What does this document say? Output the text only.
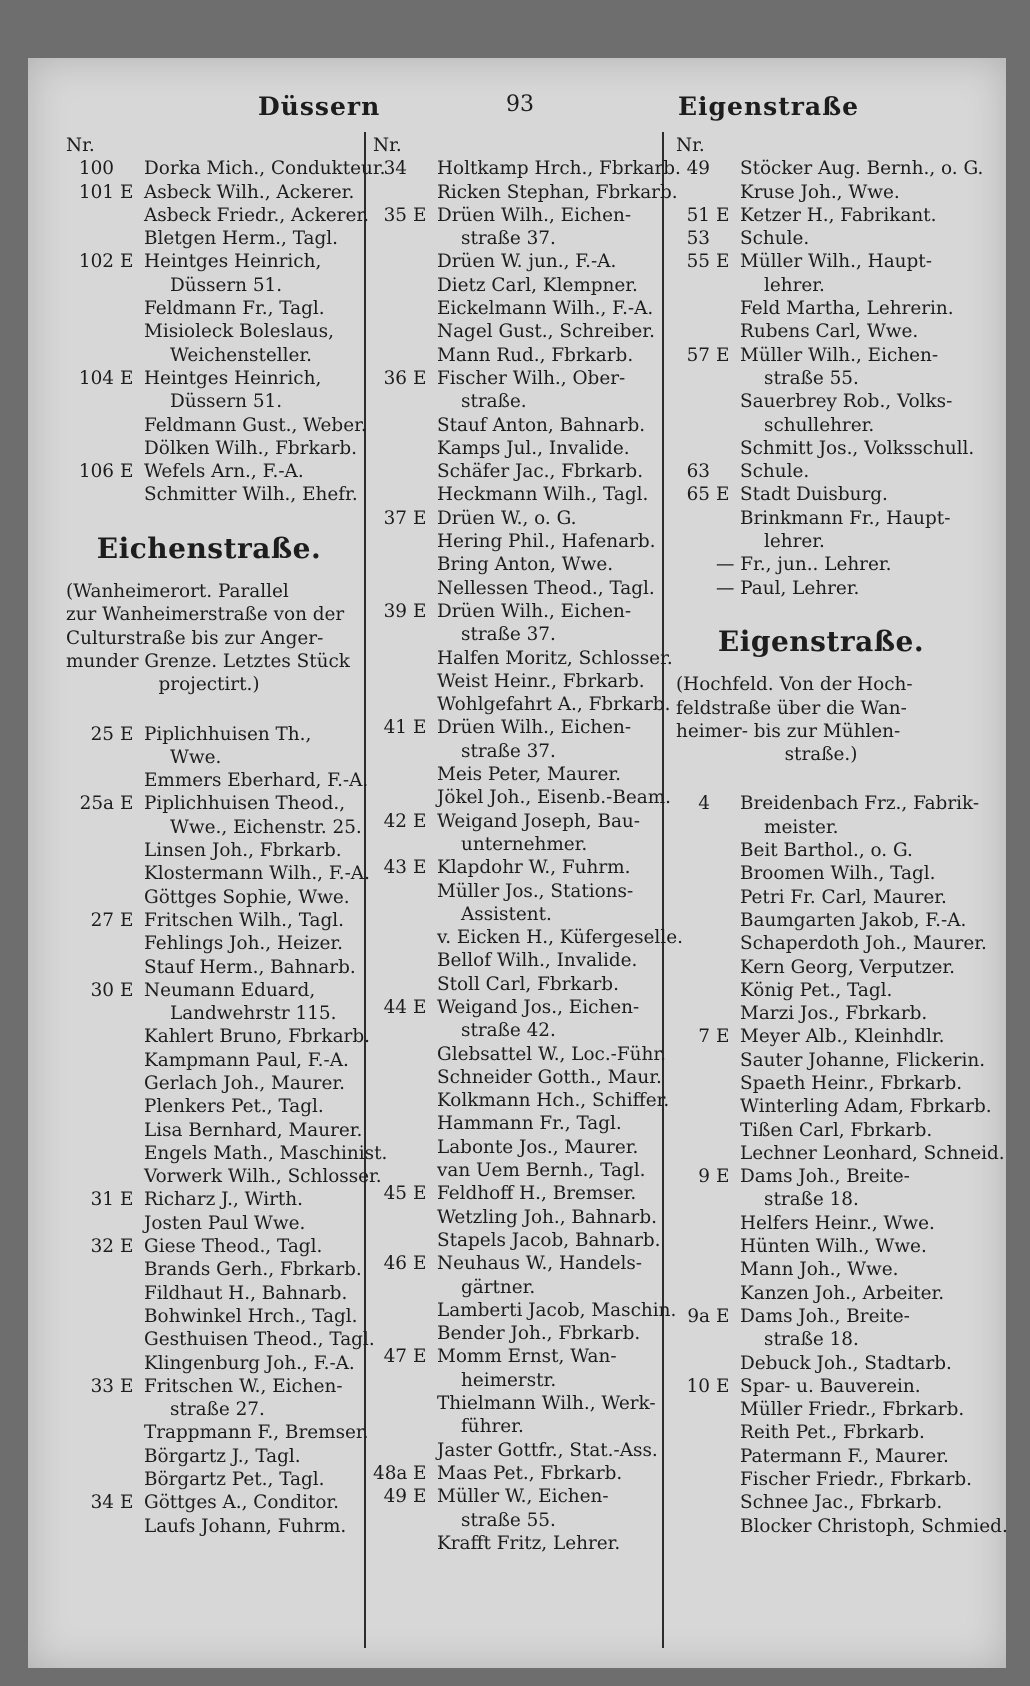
Düssern	93	Eigenstraße
Nr.
100	Dorka Mich., Condukteur.
101 E Asbeck Wilh., Ackerer.
Asbeck Friedr., Ackerer.
Bletgen Herm., Tagl.
102 E Heintges Heinrich,
Düssern 51.
Feldmann Fr., Tagl.
Misioleck Boleslaus,
Weichensteller.
104 E Heintges Heinrich,
Düssern 51.
Feldmann Gust., Weber.
Dölken Wilh., Fbrkarb.
106 E Wefels Arn., F.-A.
Schmitter Wilh., Ehefr.
Eichenstraße.
(Wanheimerort. Parallel
zur Wanheimerstraße von der
Culturstraße bis zur Anger-
munder Grenze. Letztes Stück
projectirt.)
25 E Piplichhuisen Th.,
Wwe.
Emmers Eberhard, F.-A.
25a E Piplichhuisen Theod.,
Wwe., Eichenstr. 25.
Linsen Joh., Fbrkarb.
Klostermann Wilh., F.-A.
Göttges Sophie, Wwe.
27 E Fritschen Wilh., Tagl.
Fehlings Joh., Heizer.
Stauf Herm., Bahnarb.
30 E Neumann Eduard,
Landwehrstr 115.
Kahlert Bruno, Fbrkarb.
Kampmann Paul, F.-A.
Gerlach Joh., Maurer.
Plenkers Pet., Tagl.
Lisa Bernhard, Maurer.
Engels Math., Maschinist.
Vorwerk Wilh., Schlosser.
31 E Richarz J., Wirth.
Josten Paul Wwe.
32 E Giese Theod., Tagl.
Brands Gerh., Fbrkarb.
Fildhaut H., Bahnarb.
Bohwinkel Hrch., Tagl.
Gesthuisen Theod., Tagl.
Klingenburg Joh., F.-A.
33 E Fritschen W., Eichen-
straße 27.
Trappmann F., Bremser.
Börgartz J., Tagl.
Börgartz Pet., Tagl.
34 E Göttges A., Conditor.
Laufs Johann, Fuhrm.
Nr.
34	Holtkamp Hrch., Fbrkarb.
Ricken Stephan, Fbrkarb.
35 E Drüen Wilh., Eichen-
straße 37.
Drüen W. jun., F.-A.
Dietz Carl, Klempner.
Eickelmann Wilh., F.-A.
Nagel Gust., Schreiber.
Mann Rud., Fbrkarb.
36 E Fischer Wilh., Ober-
straße.
Stauf Anton, Bahnarb.
Kamps Jul., Invalide.
Schäfer Jac., Fbrkarb.
Heckmann Wilh., Tagl.
37 E Drüen W., o. G.
Hering Phil., Hafenarb.
Bring Anton, Wwe.
Nellessen Theod., Tagl.
39 E Drüen Wilh., Eichen-
straße 37.
Halfen Moritz, Schlosser.
Weist Heinr., Fbrkarb.
Wohlgefahrt A., Fbrkarb.
41 E Drüen Wilh., Eichen-
straße 37.
Meis Peter, Maurer.
Jökel Joh., Eisenb.-Beam.
42 E Weigand Joseph, Bau-
unternehmer.
43 E Klapdohr W., Fuhrm.
Müller Jos., Stations-
Assistent.
v. Eicken H., Küfergeselle.
Bellof Wilh., Invalide.
Stoll Carl, Fbrkarb.
44 E Weigand Jos., Eichen-
straße 42.
Glebsattel W., Loc.-Führ.
Schneider Gotth., Maur.
Kolkmann Hch., Schiffer.
Hammann Fr., Tagl.
Labonte Jos., Maurer.
van Uem Bernh., Tagl.
45 E Feldhoff H., Bremser.
Wetzling Joh., Bahnarb.
Stapels Jacob, Bahnarb.
46 E Neuhaus W., Handels-
gärtner.
Lamberti Jacob, Maschin.
Bender Joh., Fbrkarb.
47 E Momm Ernst, Wan-
heimerstr.
Thielmann Wilh., Werk-
führer.
Jaster Gottfr., Stat.-Ass.
48a E Maas Pet., Fbrkarb.
49 E Müller W., Eichen-
straße 55.
Krafft Fritz, Lehrer.
Nr.
49	Stöcker Aug. Bernh., o. G.
Kruse Joh., Wwe.
51 E Ketzer H., Fabrikant.
53	Schule.
55 E Müller Wilh., Haupt-
lehrer.
Feld Martha, Lehrerin.
Rubens Carl, Wwe.
57 E Müller Wilh., Eichen-
straße 55.
Sauerbrey Rob., Volks-
schullehrer.
Schmitt Jos., Volksschull.
63	Schule.
65 E Stadt Duisburg.
Brinkmann Fr., Haupt-
lehrer.
— Fr., jun.. Lehrer.
— Paul, Lehrer.
Eigenstraße.
(Hochfeld. Von der Hoch-
feldstraße über die Wan-
heimer- bis zur Mühlen-
straße.)
4	Breidenbach Frz., Fabrik-
meister.
Beit Barthol., o. G.
Broomen Wilh., Tagl.
Petri Fr. Carl, Maurer.
Baumgarten Jakob, F.-A.
Schaperdoth Joh., Maurer.
Kern Georg, Verputzer.
König Pet., Tagl.
Marzi Jos., Fbrkarb.
7 E Meyer Alb., Kleinhdlr.
Sauter Johanne, Flickerin.
Spaeth Heinr., Fbrkarb.
Winterling Adam, Fbrkarb.
Tißen Carl, Fbrkarb.
Lechner Leonhard, Schneid.
9 E Dams Joh., Breite-
straße 18.
Helfers Heinr., Wwe.
Hünten Wilh., Wwe.
Mann Joh., Wwe.
Kanzen Joh., Arbeiter.
9a E Dams Joh., Breite-
straße 18.
Debuck Joh., Stadtarb.
10 E Spar- u. Bauverein.
Müller Friedr., Fbrkarb.
Reith Pet., Fbrkarb.
Patermann F., Maurer.
Fischer Friedr., Fbrkarb.
Schnee Jac., Fbrkarb.
Blocker Christoph, Schmied.
